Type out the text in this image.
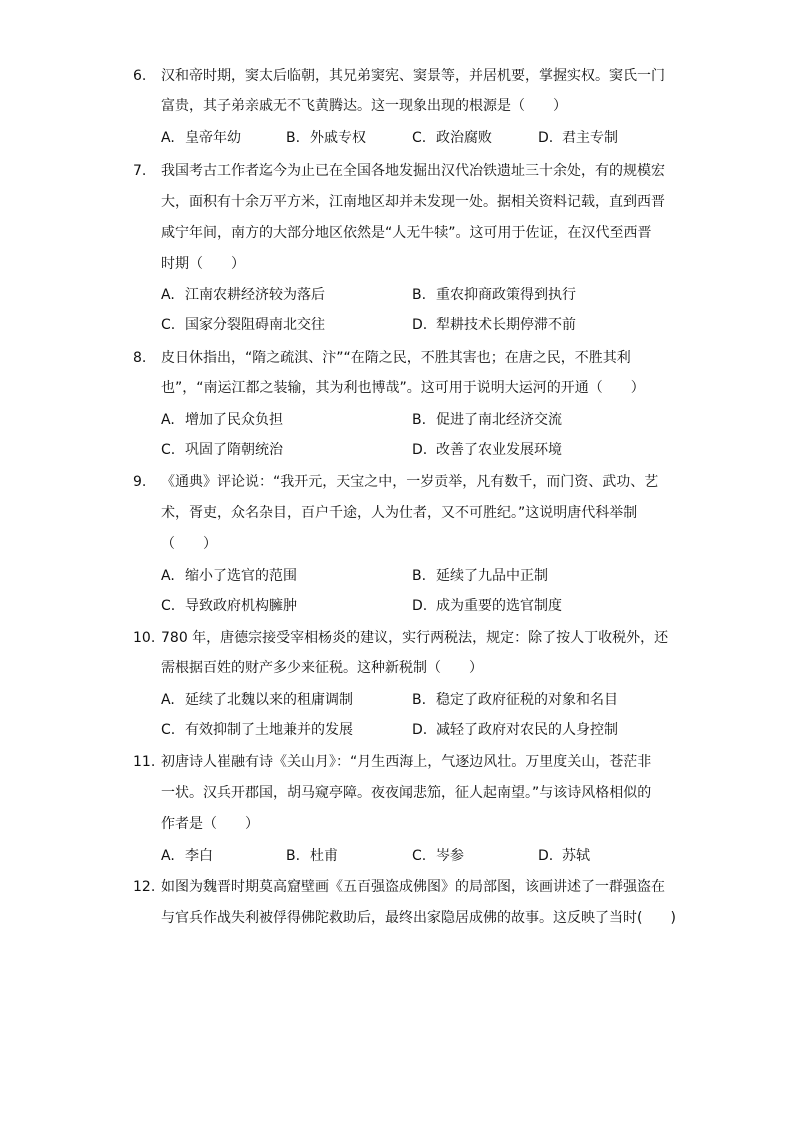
6. 汉和帝时期，窦太后临朝，其兄弟窦宪、窦景等，并居机要，掌握实权。窦氏一门
富贵，其子弟亲戚无不飞黄腾达。这一现象出现的根源是（　　）
A. 皇帝年幼	B. 外戚专权	C. 政治腐败	D. 君主专制
7. 我国考古工作者迄今为止已在全国各地发掘出汉代冶铁遗址三十余处，有的规模宏
大，面积有十余万平方米，江南地区却并未发现一处。据相关资料记载，直到西晋
咸宁年间，南方的大部分地区依然是“人无牛犊”。这可用于佐证，在汉代至西晋
时期（　　）
A. 江南农耕经济较为落后	B. 重农抑商政策得到执行
C. 国家分裂阻碍南北交往	D. 犁耕技术长期停滞不前
8. 皮日休指出，“隋之疏淇、汴”“在隋之民，不胜其害也；在唐之民，不胜其利
也”，“南运江都之装输，其为利也博哉”。这可用于说明大运河的开通（　　）
A. 增加了民众负担	B. 促进了南北经济交流
C. 巩固了隋朝统治	D. 改善了农业发展环境
9. 《通典》评论说：“我开元，天宝之中，一岁贡举，凡有数千，而门资、武功、艺
术，胥吏，众名杂目，百户千途，人为仕者，又不可胜纪。”这说明唐代科举制
（　　）
A. 缩小了选官的范围	B. 延续了九品中正制
C. 导致政府机构臃肿	D. 成为重要的选官制度
10. 780 年，唐德宗接受宰相杨炎的建议，实行两税法，规定：除了按人丁收税外，还
需根据百姓的财产多少来征税。这种新税制（　　）
A. 延续了北魏以来的租庸调制	B. 稳定了政府征税的对象和名目
C. 有效抑制了土地兼并的发展	D. 减轻了政府对农民的人身控制
11. 初唐诗人崔融有诗《关山月》：“月生西海上，气逐边风壮。万里度关山，苍茫非
一状。汉兵开郡国，胡马窥亭障。夜夜闻悲笳，征人起南望。”与该诗风格相似的
作者是（　　）
A. 李白	B. 杜甫	C. 岑参	D. 苏轼
12. 如图为魏晋时期莫高窟壁画《五百强盗成佛图》的局部图，该画讲述了一群强盗在
与官兵作战失利被俘得佛陀救助后，最终出家隐居成佛的故事。这反映了当时(　　)
